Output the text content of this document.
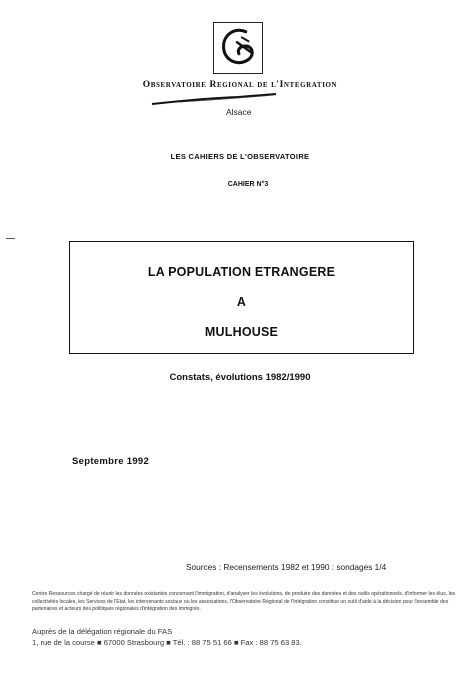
Observatoire Regional de l'Integration
Alsace
LES CAHIERS DE L'OBSERVATOIRE
CAHIER N°3
LA POPULATION ETRANGERE
A
MULHOUSE
Constats, évolutions 1982/1990
Septembre 1992
Sources : Recensements 1982 et 1990 : sondages 1/4
Centre Ressources chargé de réunir les données existantes concernant l'immigration, d'analyser les évolutions, de produire des données et des outils opérationnels, d'informer les élus, les collectivités locales, les Services de l'Etat, les intervenants sociaux ou les associations, l'Observatoire Régional de l'Intégration constitue un outil d'aide à la décision pour l'ensemble des partenaires et acteurs des politiques régionales d'intégration des immigrés.
Auprès de la délégation régionale du FAS
1, rue de la course ■ 67000 Strasbourg ■ Tél. : 88 75 51 66 ■ Fax : 88 75 63 83.
